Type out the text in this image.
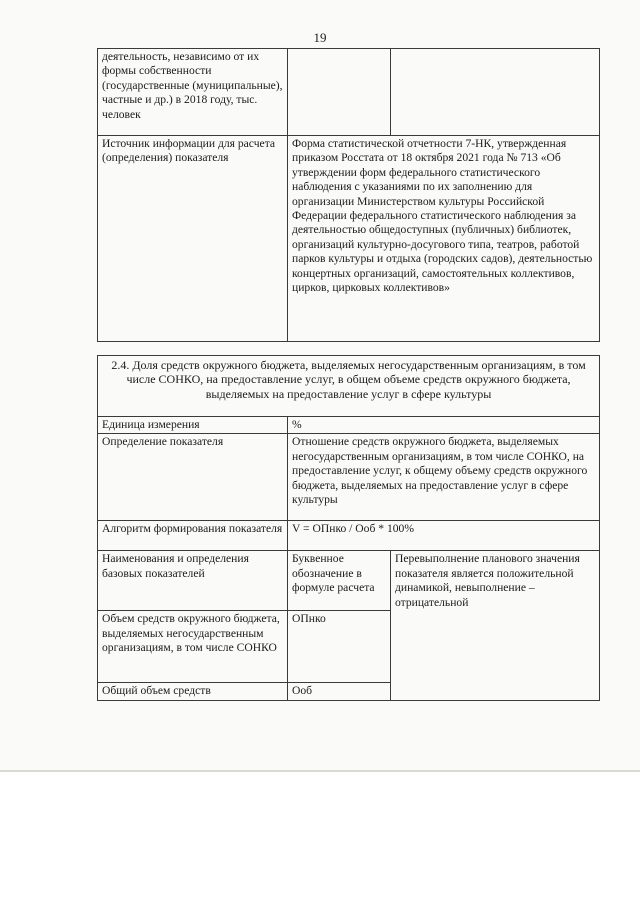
19
деятельность, независимо от их формы собственности (государственные (муниципальные), частные и др.) в 2018 году, тыс. человек		
Источник информации для расчета (определения) показателя	Форма статистической отчетности 7-НК, утвержденная приказом Росстата от 18 октября 2021 года № 713 «Об утверждении форм федерального статистического наблюдения с указаниями по их заполнению для организации Министерством культуры Российской Федерации федерального статистического наблюдения за деятельностью общедоступных (публичных) библиотек, организаций культурно-досугового типа, театров, работой парков культуры и отдыха (городских садов), деятельностью концертных организаций, самостоятельных коллективов, цирков, цирковых коллективов»	
2.4. Доля средств окружного бюджета, выделяемых негосударственным организациям, в том числе СОНКО, на предоставление услуг, в общем объеме средств окружного бюджета, выделяемых на предоставление услуг в сфере культуры		
Единица измерения	%	
Определение показателя	Отношение средств окружного бюджета, выделяемых негосударственным организациям, в том числе СОНКО, на предоставление услуг, к общему объему средств окружного бюджета, выделяемых на предоставление услуг в сфере культуры	
Алгоритм формирования показателя	V = ОПнко / Ооб * 100%	
Наименования и определения базовых показателей	Буквенное обозначение в формуле расчета	Перевыполнение планового значения показателя является положительной динамикой, невыполнение – отрицательной
Объем средств окружного бюджета, выделяемых негосударственным организациям, в том числе СОНКО	ОПнко	
Общий объем средств	Ооб	
